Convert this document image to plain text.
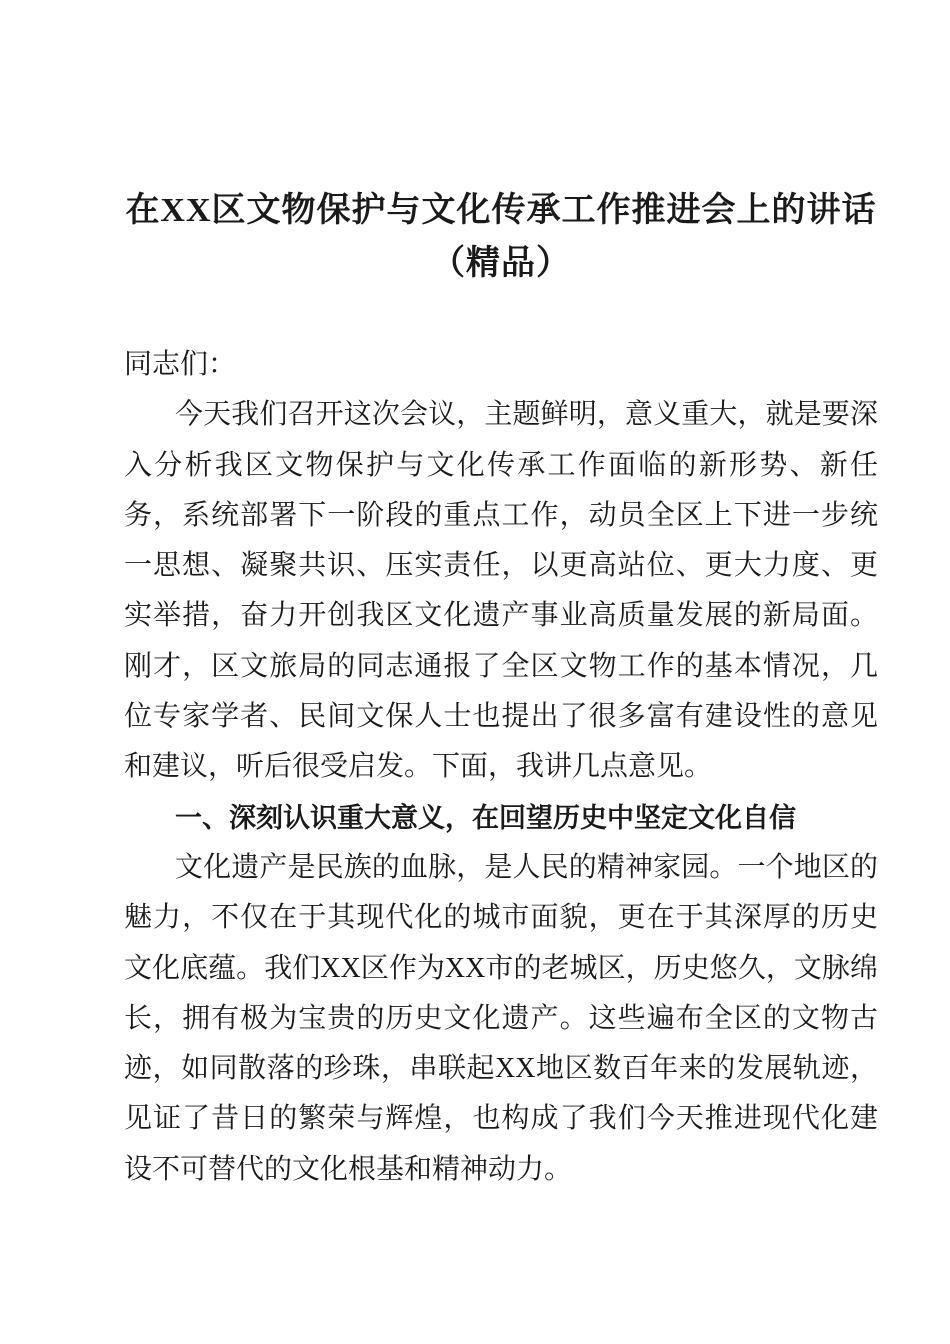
在XX区文物保护与文化传承工作推进会上的讲话
（精品）

同志们：

今天我们召开这次会议，主题鲜明，意义重大，就是要深入分析我区文物保护与文化传承工作面临的新形势、新任务，系统部署下一阶段的重点工作，动员全区上下进一步统一思想、凝聚共识、压实责任，以更高站位、更大力度、更实举措，奋力开创我区文化遗产事业高质量发展的新局面。刚才，区文旅局的同志通报了全区文物工作的基本情况，几位专家学者、民间文保人士也提出了很多富有建设性的意见和建议，听后很受启发。下面，我讲几点意见。

一、深刻认识重大意义，在回望历史中坚定文化自信

文化遗产是民族的血脉，是人民的精神家园。一个地区的魅力，不仅在于其现代化的城市面貌，更在于其深厚的历史文化底蕴。我们XX区作为XX市的老城区，历史悠久，文脉绵长，拥有极为宝贵的历史文化遗产。这些遍布全区的文物古迹，如同散落的珍珠，串联起XX地区数百年来的发展轨迹，见证了昔日的繁荣与辉煌，也构成了我们今天推进现代化建设不可替代的文化根基和精神动力。
